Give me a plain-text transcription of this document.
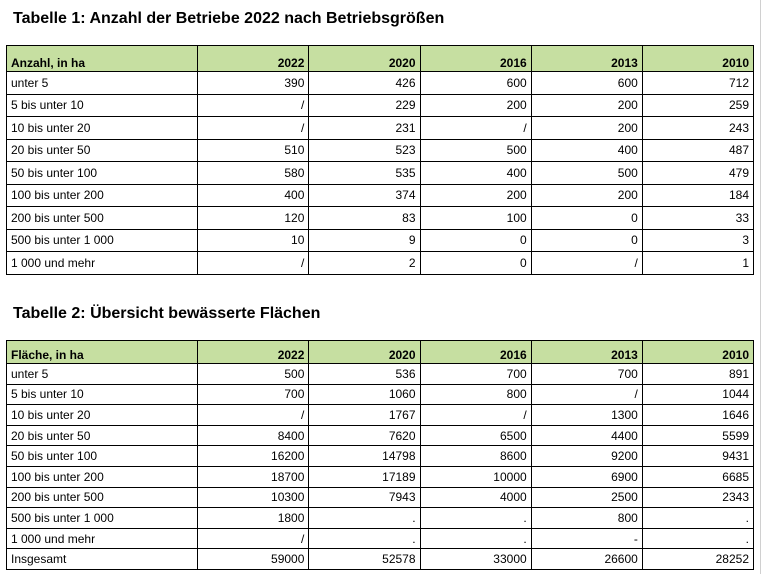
Tabelle 1: Anzahl der Betriebe 2022 nach Betriebsgrößen
Anzahl, in ha	2022	2020	2016	2013	2010
unter 5	390	426	600	600	712
5 bis unter 10	/	229	200	200	259
10 bis unter 20	/	231	/	200	243
20 bis unter 50	510	523	500	400	487
50 bis unter 100	580	535	400	500	479
100 bis unter 200	400	374	200	200	184
200 bis unter 500	120	83	100	0	33
500 bis unter 1 000	10	9	0	0	3
1 000 und mehr	/	2	0	/	1
Tabelle 2: Übersicht bewässerte Flächen
Fläche, in ha	2022	2020	2016	2013	2010
unter 5	500	536	700	700	891
5 bis unter 10	700	1060	800	/	1044
10 bis unter 20	/	1767	/	1300	1646
20 bis unter 50	8400	7620	6500	4400	5599
50 bis unter 100	16200	14798	8600	9200	9431
100 bis unter 200	18700	17189	10000	6900	6685
200 bis unter 500	10300	7943	4000	2500	2343
500 bis unter 1 000	1800	.	.	800	.
1 000 und mehr	/	.	.	-	.
Insgesamt	59000	52578	33000	26600	28252
